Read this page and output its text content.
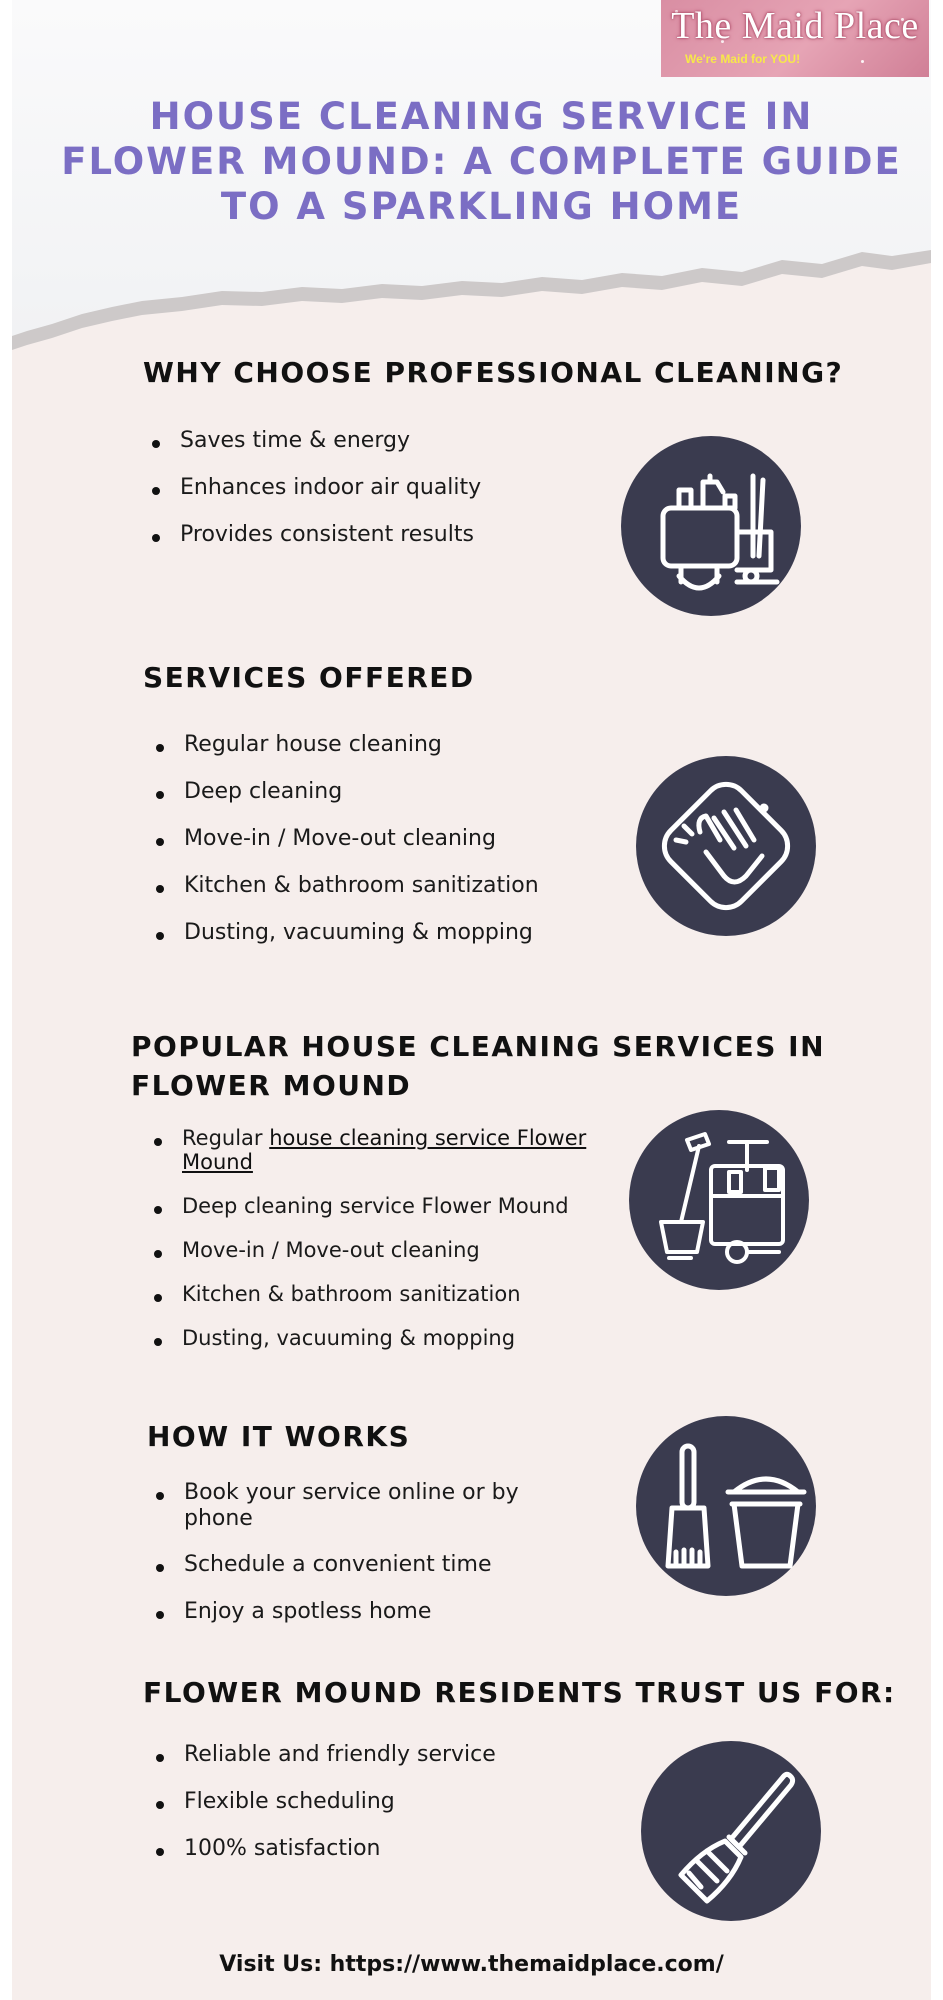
The Maid Place
We're Maid for YOU!
HOUSE CLEANING SERVICE IN FLOWER MOUND: A COMPLETE GUIDE TO A SPARKLING HOME
WHY CHOOSE PROFESSIONAL CLEANING?
Saves time & energy
Enhances indoor air quality
Provides consistent results
SERVICES OFFERED
Regular house cleaning
Deep cleaning
Move-in / Move-out cleaning
Kitchen & bathroom sanitization
Dusting, vacuuming & mopping
POPULAR HOUSE CLEANING SERVICES IN FLOWER MOUND
Regular house cleaning service Flower Mound
Deep cleaning service Flower Mound
Move-in / Move-out cleaning
Kitchen & bathroom sanitization
Dusting, vacuuming & mopping
HOW IT WORKS
Book your service online or by phone
Schedule a convenient time
Enjoy a spotless home
FLOWER MOUND RESIDENTS TRUST US FOR:
Reliable and friendly service
Flexible scheduling
100% satisfaction
Visit Us: https://www.themaidplace.com/
